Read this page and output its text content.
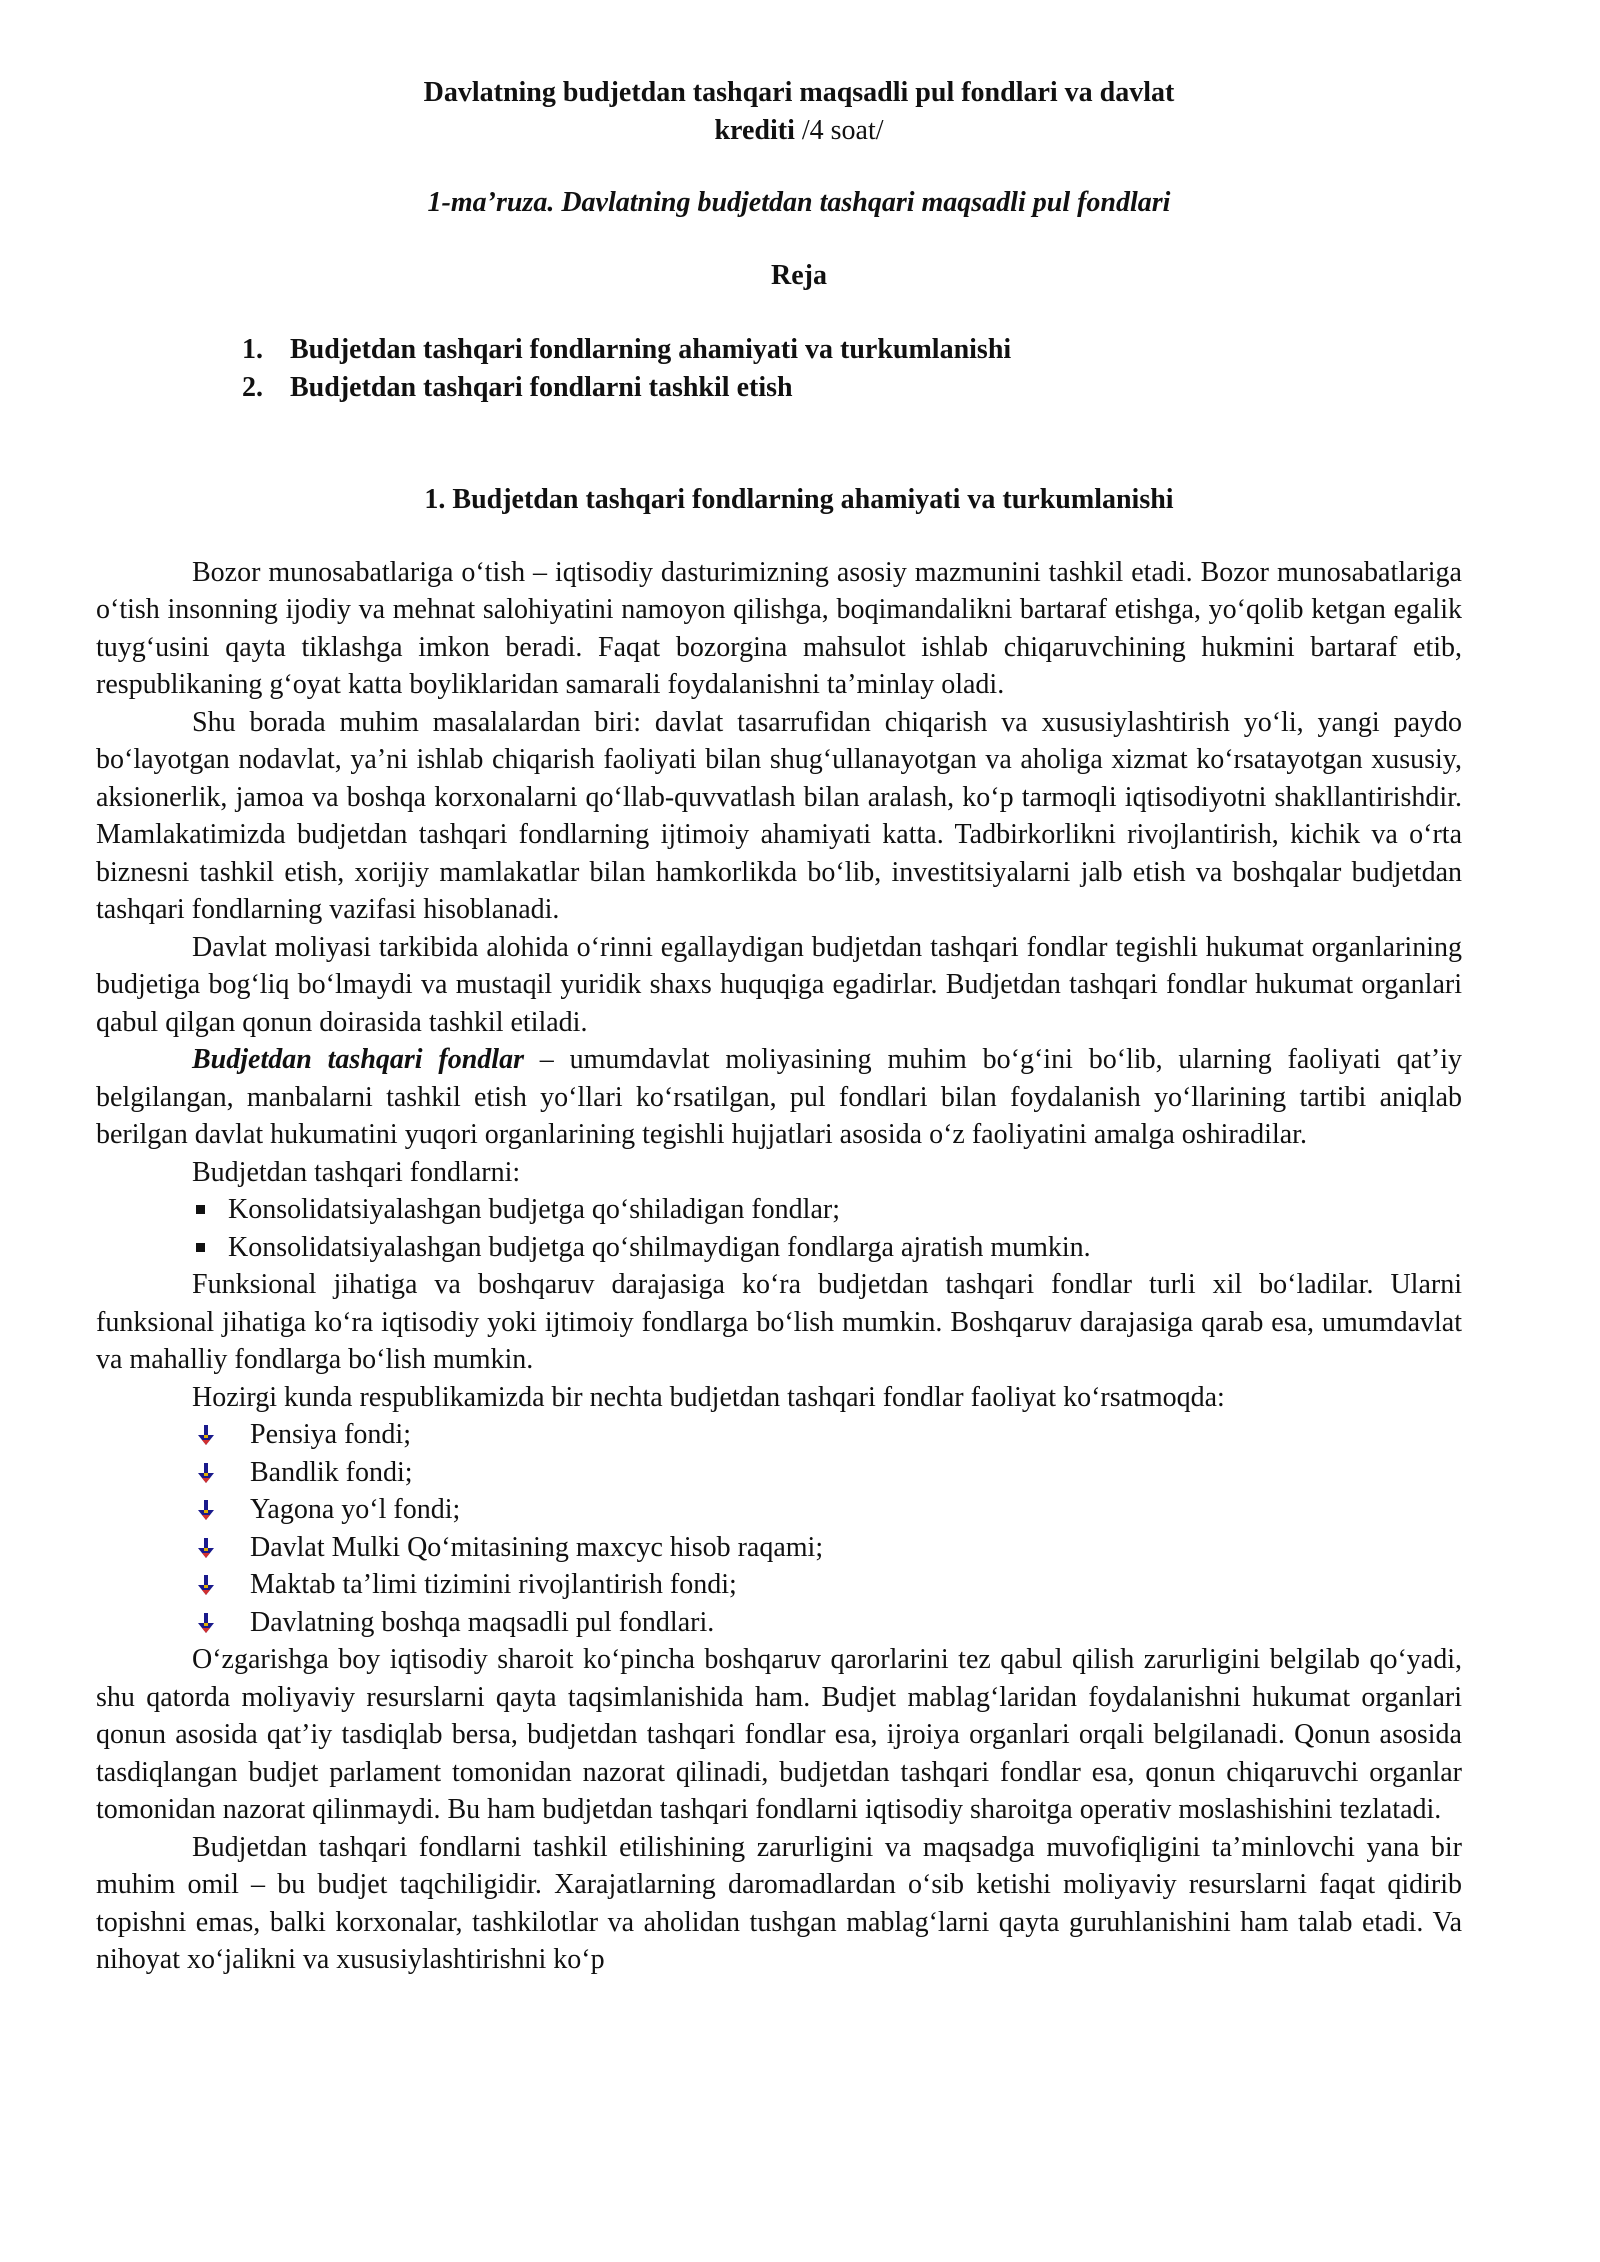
Davlatning budjetdan tashqari maqsadli pul fondlari va davlat
krediti /4 soat/
1-ma’ruza. Davlatning budjetdan tashqari maqsadli pul fondlari
Reja
1. Budjetdan tashqari fondlarning ahamiyati va turkumlanishi
2. Budjetdan tashqari fondlarni tashkil etish
1. Budjetdan tashqari fondlarning ahamiyati va turkumlanishi

Bozor munosabatlariga o‘tish – iqtisodiy dasturimizning asosiy mazmunini tashkil etadi. Bozor munosabatlariga o‘tish insonning ijodiy va mehnat salohiyatini namoyon qilishga, boqimandalikni bartaraf etishga, yo‘qolib ketgan egalik tuyg‘usini qayta tiklashga imkon beradi. Faqat bozorgina mahsulot ishlab chiqaruvchining hukmini bartaraf etib, respublikaning g‘oyat katta boyliklaridan samarali foydalanishni ta’minlay oladi.

Shu borada muhim masalalardan biri: davlat tasarrufidan chiqarish va xususiylashtirish yo‘li, yangi paydo bo‘layotgan nodavlat, ya’ni ishlab chiqarish faoliyati bilan shug‘ullanayotgan va aholiga xizmat ko‘rsatayotgan xususiy, aksionerlik, jamoa va boshqa korxonalarni qo‘llab-quvvatlash bilan aralash, ko‘p tarmoqli iqtisodiyotni shakllantirishdir. Mamlakatimizda budjetdan tashqari fondlarning ijtimoiy ahamiyati katta. Tadbirkorlikni rivojlantirish, kichik va o‘rta biznesni tashkil etish, xorijiy mamlakatlar bilan hamkorlikda bo‘lib, investitsiyalarni jalb etish va boshqalar budjetdan tashqari fondlarning vazifasi hisoblanadi.

Davlat moliyasi tarkibida alohida o‘rinni egallaydigan budjetdan tashqari fondlar tegishli hukumat organlarining budjetiga bog‘liq bo‘lmaydi va mustaqil yuridik shaxs huquqiga egadirlar. Budjetdan tashqari fondlar hukumat organlari qabul qilgan qonun doirasida tashkil etiladi.

Budjetdan tashqari fondlar – umumdavlat moliyasining muhim bo‘g‘ini bo‘lib, ularning faoliyati qat’iy belgilangan, manbalarni tashkil etish yo‘llari ko‘rsatilgan, pul fondlari bilan foydalanish yo‘llarining tartibi aniqlab berilgan davlat hukumatini yuqori organlarining tegishli hujjatlari asosida o‘z faoliyatini amalga oshiradilar.

Budjetdan tashqari fondlarni:

Konsolidatsiyalashgan budjetga qo‘shiladigan fondlar;
Konsolidatsiyalashgan budjetga qo‘shilmaydigan fondlarga ajratish mumkin.

Funksional jihatiga va boshqaruv darajasiga ko‘ra budjetdan tashqari fondlar turli xil bo‘ladilar. Ularni funksional jihatiga ko‘ra iqtisodiy yoki ijtimoiy fondlarga bo‘lish mumkin. Boshqaruv darajasiga qarab esa, umumdavlat va mahalliy fondlarga bo‘lish mumkin.

Hozirgi kunda respublikamizda bir nechta budjetdan tashqari fondlar faoliyat ko‘rsatmoqda:

Pensiya fondi;
Bandlik fondi;
Yagona yo‘l fondi;
Davlat Mulki Qo‘mitasining maxcyc hisob raqami;
Maktab ta’limi tizimini rivojlantirish fondi;
Davlatning boshqa maqsadli pul fondlari.

O‘zgarishga boy iqtisodiy sharoit ko‘pincha boshqaruv qarorlarini tez qabul qilish zarurligini belgilab qo‘yadi, shu qatorda moliyaviy resurslarni qayta taqsimlanishida ham. Budjet mablag‘laridan foydalanishni hukumat organlari qonun asosida qat’iy tasdiqlab bersa, budjetdan tashqari fondlar esa, ijroiya organlari orqali belgilanadi. Qonun asosida tasdiqlangan budjet parlament tomonidan nazorat qilinadi, budjetdan tashqari fondlar esa, qonun chiqaruvchi organlar tomonidan nazorat qilinmaydi. Bu ham budjetdan tashqari fondlarni iqtisodiy sharoitga operativ moslashishini tezlatadi.

Budjetdan tashqari fondlarni tashkil etilishining zarurligini va maqsadga muvofiqligini ta’minlovchi yana bir muhim omil – bu budjet taqchiligidir. Xarajatlarning daromadlardan o‘sib ketishi moliyaviy resurslarni faqat qidirib topishni emas, balki korxonalar, tashkilotlar va aholidan tushgan mablag‘larni qayta guruhlanishini ham talab etadi. Va nihoyat xo‘jalikni va xususiylashtirishni ko‘p
